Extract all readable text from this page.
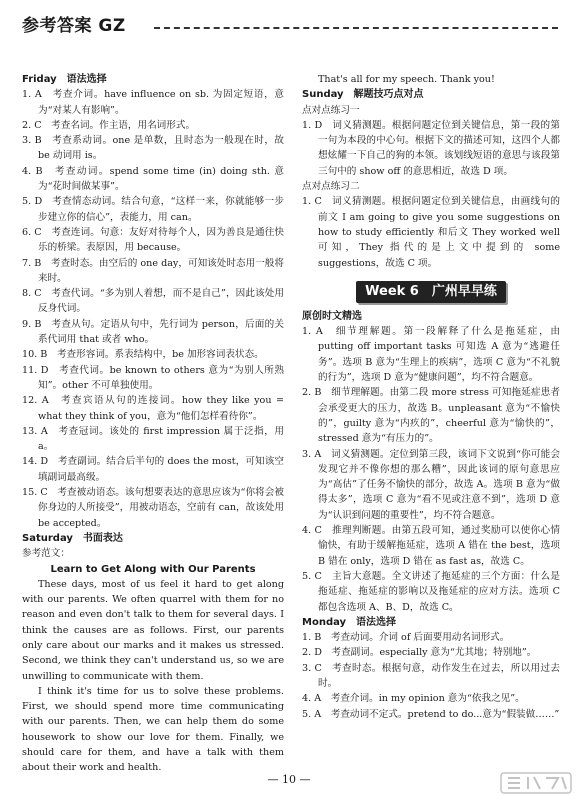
参考答案 GZ
Friday　语法选择
1. A　考查介词。have influence on sb. 为固定短语，意为“对某人有影响”。
2. C　考查名词。作主语，用名词形式。
3. B　考查系动词。one 是单数，且时态为一般现在时，故 be 动词用 is。
4. B　考查动词。spend some time (in) doing sth. 意为“花时间做某事”。
5. D　考查情态动词。结合句意，“这样一来，你就能够一步步建立你的信心”，表能力，用 can。
6. C　考查连词。句意：友好对待每个人，因为善良是通往快乐的桥梁。表原因，用 because。
7. B　考查时态。由空后的 one day，可知该处时态用一般将来时。
8. C　考查代词。“多为别人着想，而不是自己”，因此该处用反身代词。
9. B　考查从句。定语从句中，先行词为 person，后面的关系代词用 that 或者 who。
10. B　考查形容词。系表结构中，be 加形容词表状态。
11. D　考查代词。be known to others 意为“为别人所熟知”。other 不可单独使用。
12. A　考查宾语从句的连接词。how they like you = what they think of you，意为“他们怎样看待你”。
13. A　考查冠词。该处的 first impression 属于泛指，用 a。
14. D　考查副词。结合后半句的 does the most，可知该空填副词最高级。
15. C　考查被动语态。该句想要表达的意思应该为“你将会被你身边的人所接受”，用被动语态，空前有 can，故该处用 be accepted。
Saturday　书面表达
参考范文：
Learn to Get Along with Our Parents
These days, most of us feel it hard to get along with our parents. We often quarrel with them for no reason and even don't talk to them for several days. I think the causes are as follows. First, our parents only care about our marks and it makes us stressed. Second, we think they can't understand us, so we are unwilling to communicate with them.
I think it's time for us to solve these problems. First, we should spend more time communicating with our parents. Then, we can help them do some housework to show our love for them. Finally, we should care for them, and have a talk with them about their work and health.
That's all for my speech. Thank you!
Sunday　解题技巧点对点
点对点练习一
1. D　词义猜测题。根据问题定位到关键信息，第一段的第一句为本段的中心句。根据下文的描述可知，这四个人都想炫耀一下自己的狗的本领。该划线短语的意思与该段第三句中的 show off 的意思相近，故选 D 项。
点对点练习二
1. C　词义猜测题。根据问题定位到关键信息，由画线句的前文 I am going to give you some suggestions on how to study efficiently 和后文 They worked well 可知，They 指代的是上文中提到的 some suggestions，故选 C 项。
Week 6　广州早早练
原创时文精选
1. A　细节理解题。第一段解释了什么是拖延症，由 putting off important tasks 可知选 A 意为“逃避任务”。选项 B 意为“生理上的疾病”，选项 C 意为“不礼貌的行为”，选项 D 意为“健康问题”，均不符合题意。
2. B　细节理解题。由第二段 more stress 可知拖延症患者会承受更大的压力，故选 B。unpleasant 意为“不愉快的”，guilty 意为“内疚的”，cheerful 意为“愉快的”，stressed 意为“有压力的”。
3. A　词义猜测题。定位到第三段，该词下文说到“你可能会发现它并不像你想的那么糟”，因此该词的原句意思应为“高估”了任务不愉快的部分，故选 A。选项 B 意为“做得太多”，选项 C 意为“看不见或注意不到”，选项 D 意为“认识到问题的重要性”，均不符合题意。
4. C　推理判断题。由第五段可知，通过奖励可以使你心情愉快，有助于缓解拖延症，选项 A 错在 the best，选项 B 错在 only，选项 D 错在 as fast as，故选 C。
5. C　主旨大意题。全文讲述了拖延症的三个方面：什么是拖延症、拖延症的影响以及拖延症的应对方法。选项 C 都包含选项 A、B、D，故选 C。
Monday　语法选择
1. B　考查动词。介词 of 后面要用动名词形式。
2. D　考查副词。especially 意为“尤其地；特别地”。
3. C　考查时态。根据句意，动作发生在过去，所以用过去时。
4. A　考查介词。in my opinion 意为“依我之见”。
5. A　考查动词不定式。pretend to do...意为“假装做……”
— 10 —
